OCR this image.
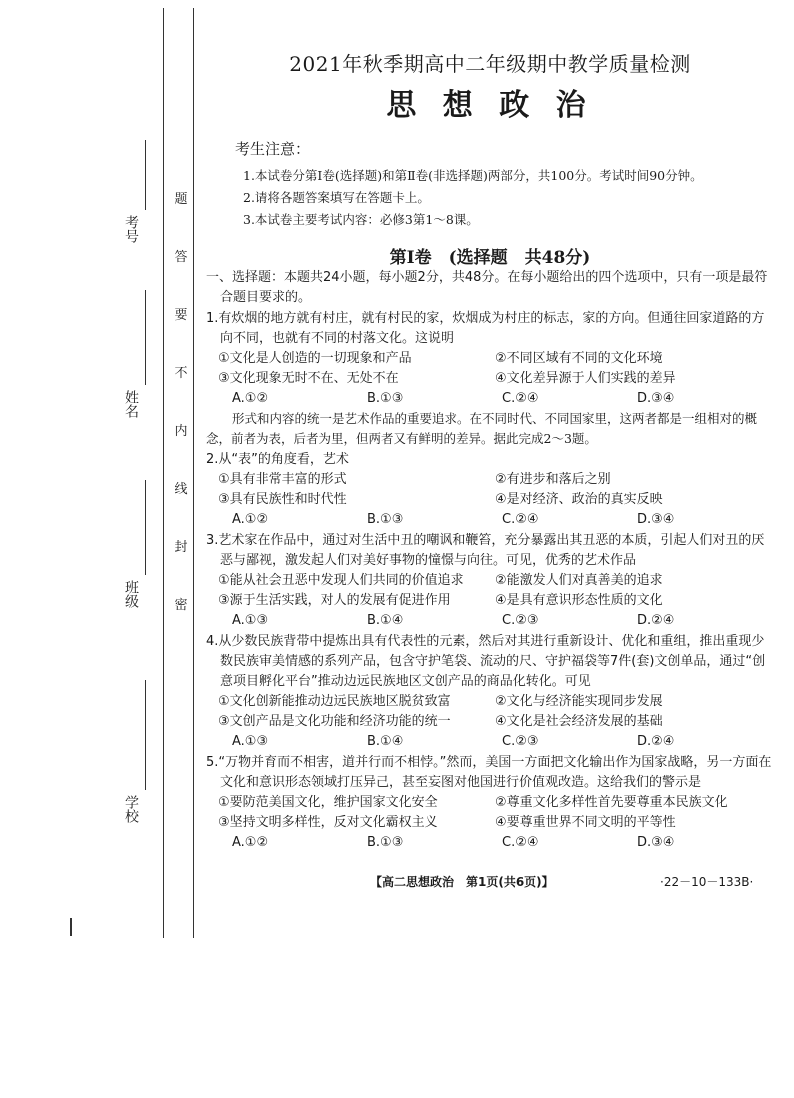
考号
姓名
班级
学校
题
答
要
不
内
线
封
密
2021年秋季期高中二年级期中教学质量检测
思 想 政 治
考生注意：
1.本试卷分第Ⅰ卷(选择题)和第Ⅱ卷(非选择题)两部分，共100分。考试时间90分钟。
2.请将各题答案填写在答题卡上。
3.本试卷主要考试内容：必修3第1～8课。
第Ⅰ卷　(选择题　共48分)

一、选择题：本题共24小题，每小题2分，共48分。在每小题给出的四个选项中，只有一项是最符合题目要求的。

1.有炊烟的地方就有村庄，就有村民的家，炊烟成为村庄的标志，家的方向。但通往回家道路的方向不同，也就有不同的村落文化。这说明

①文化是人创造的一切现象和产品	②不同区域有不同的文化环境
③文化现象无时不在、无处不在	④文化差异源于人们实践的差异
A.①②	B.①③	C.②④	D.③④

形式和内容的统一是艺术作品的重要追求。在不同时代、不同国家里，这两者都是一组相对的概念，前者为表，后者为里，但两者又有鲜明的差异。据此完成2～3题。

2.从“表”的角度看，艺术

①具有非常丰富的形式	②有进步和落后之别
③具有民族性和时代性	④是对经济、政治的真实反映
A.①②	B.①③	C.②④	D.③④

3.艺术家在作品中，通过对生活中丑的嘲讽和鞭笞，充分暴露出其丑恶的本质，引起人们对丑的厌恶与鄙视，激发起人们对美好事物的憧憬与向往。可见，优秀的艺术作品

①能从社会丑恶中发现人们共同的价值追求	②能激发人们对真善美的追求
③源于生活实践，对人的发展有促进作用	④是具有意识形态性质的文化
A.①③	B.①④	C.②③	D.②④

4.从少数民族背带中提炼出具有代表性的元素，然后对其进行重新设计、优化和重组，推出重现少数民族审美情感的系列产品，包含守护笔袋、流动的尺、守护福袋等7件(套)文创单品，通过“创意项目孵化平台”推动边远民族地区文创产品的商品化转化。可见

①文化创新能推动边远民族地区脱贫致富	②文化与经济能实现同步发展
③文创产品是文化功能和经济功能的统一	④文化是社会经济发展的基础
A.①③	B.①④	C.②③	D.②④

5.“万物并育而不相害，道并行而不相悖。”然而，美国一方面把文化输出作为国家战略，另一方面在文化和意识形态领域打压异己，甚至妄图对他国进行价值观改造。这给我们的警示是

①要防范美国文化，维护国家文化安全	②尊重文化多样性首先要尊重本民族文化
③坚持文明多样性，反对文化霸权主义	④要尊重世界不同文明的平等性
A.①②	B.①③	C.②④	D.③④
【高二思想政治　第1页(共6页)】	·22－10－133B·
